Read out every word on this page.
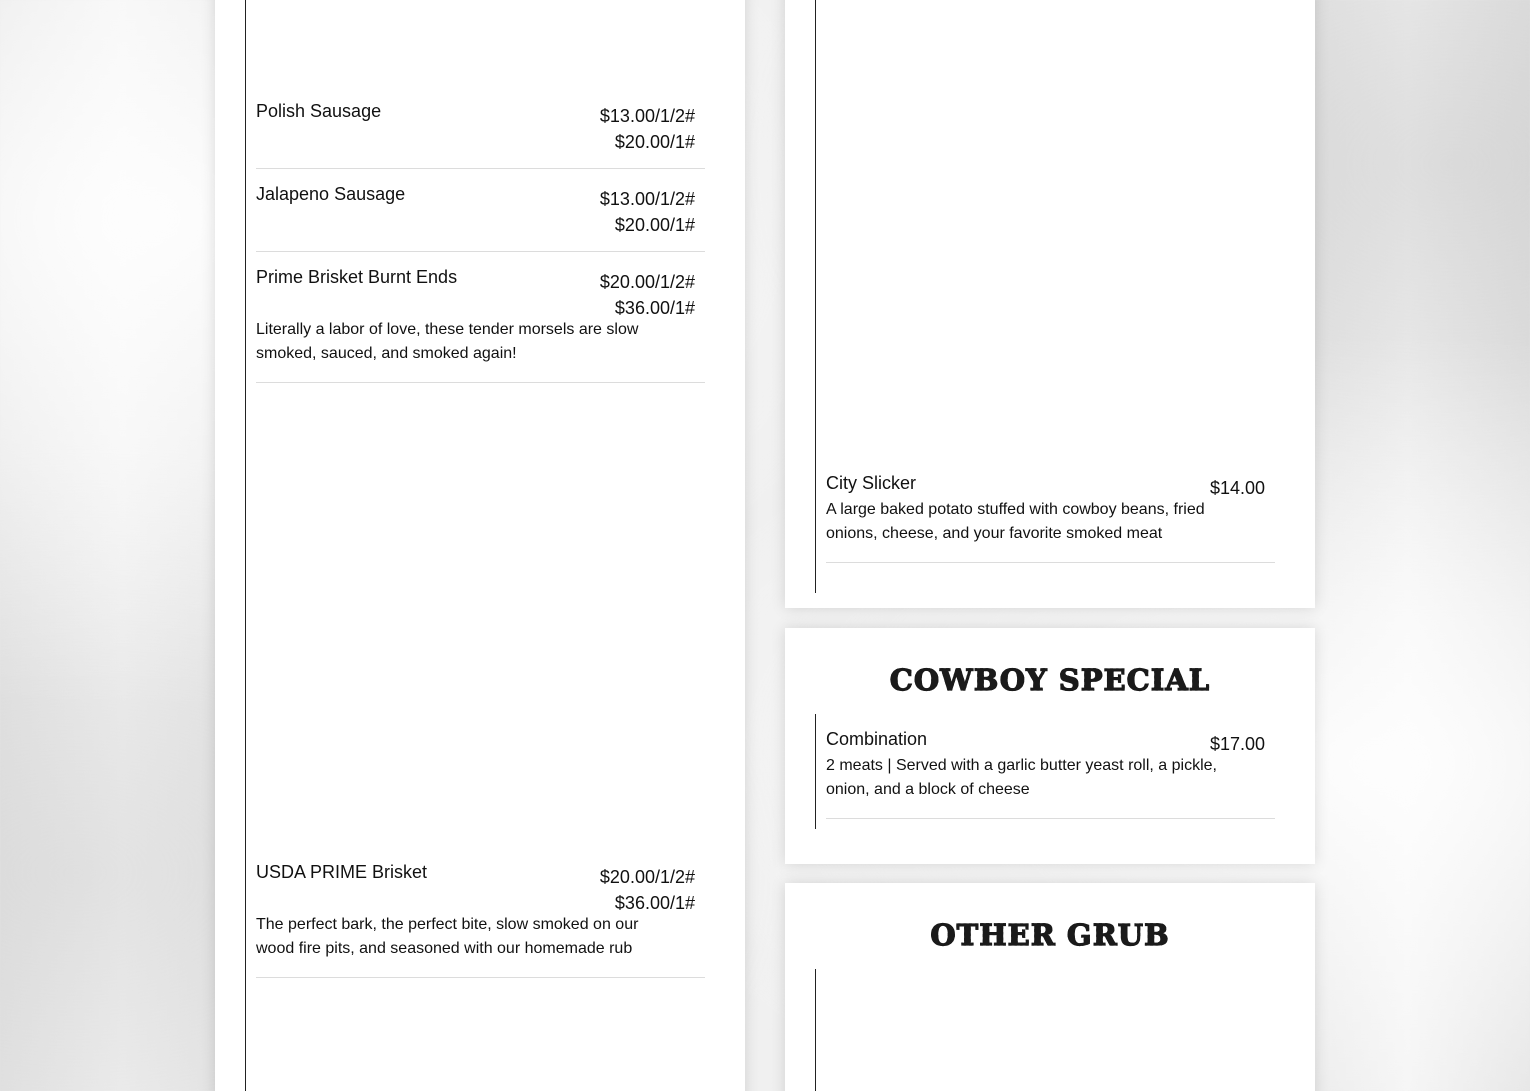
Polish Sausage	$13.00/1/2#
$20.00/1#
Jalapeno Sausage	$13.00/1/2#
$20.00/1#
Prime Brisket Burnt Ends	$20.00/1/2#
$36.00/1#
Literally a labor of love, these tender morsels are slow smoked, sauced, and smoked again!
USDA PRIME Brisket	$20.00/1/2#
$36.00/1#
The perfect bark, the perfect bite, slow smoked on our wood fire pits, and seasoned with our homemade rub
City Slicker	$14.00
A large baked potato stuffed with cowboy beans, fried onions, cheese, and your favorite smoked meat
COWBOY SPECIAL
Combination	$17.00
2 meats | Served with a garlic butter yeast roll, a pickle, onion, and a block of cheese
OTHER GRUB
